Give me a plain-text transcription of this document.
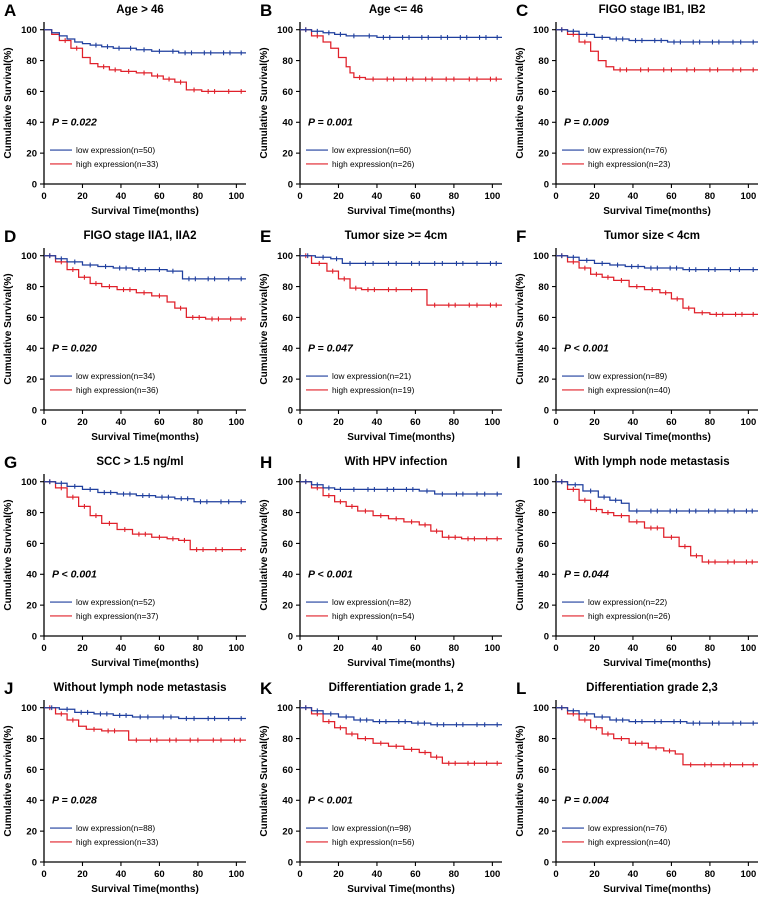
A	Age > 46
0	20	40	60	80	100
0
20
40
60
80
100
Survival Time(months)
Cumulative Survival(%)	P = 0.022
low expression(n=50)
high expression(n=33)
B	Age <= 46
0	20	40	60	80	100
0
20
40
60
80
100
Survival Time(months)
Cumulative Survival(%)	P = 0.001
low expression(n=60)
high expression(n=26)
C	FIGO stage IB1, IB2
0	20	40	60	80	100
0
20
40
60
80
100
Survival Time(months)
Cumulative Survival(%)	P = 0.009
low expression(n=76)
high expression(n=23)
D	FIGO stage IIA1, IIA2
0	20	40	60	80	100
0
20
40
60
80
100
Survival Time(months)
Cumulative Survival(%)	P = 0.020
low expression(n=34)
high expression(n=36)
E	Tumor size >= 4cm
0	20	40	60	80	100
0
20
40
60
80
100
Survival Time(months)
Cumulative Survival(%)	P = 0.047
low expression(n=21)
high expression(n=19)
F	Tumor size < 4cm
0	20	40	60	80	100
0
20
40
60
80
100
Survival Time(months)
Cumulative Survival(%)	P < 0.001
low expression(n=89)
high expression(n=40)
G	SCC > 1.5 ng/ml
0	20	40	60	80	100
0
20
40
60
80
100
Survival Time(months)
Cumulative Survival(%)	P < 0.001
low expression(n=52)
high expression(n=37)
H	With HPV infection
0	20	40	60	80	100
0
20
40
60
80
100
Survival Time(months)
Cumulative Survival(%)	P < 0.001
low expression(n=82)
high expression(n=54)
I	With lymph node metastasis
0	20	40	60	80	100
0
20
40
60
80
100
Survival Time(months)
Cumulative Survival(%)	P = 0.044
low expression(n=22)
high expression(n=26)
J	Without lymph node metastasis
0	20	40	60	80	100
0
20
40
60
80
100
Survival Time(months)
Cumulative Survival(%)	P = 0.028
low expression(n=88)
high expression(n=33)
K	Differentiation grade 1, 2
0	20	40	60	80	100
0
20
40
60
80
100
Survival Time(months)
Cumulative Survival(%)	P < 0.001
low expression(n=98)
high expression(n=56)
L	Differentiation grade 2,3
0	20	40	60	80	100
0
20
40
60
80
100
Survival Time(months)
Cumulative Survival(%)	P = 0.004
low expression(n=76)
high expression(n=40)
